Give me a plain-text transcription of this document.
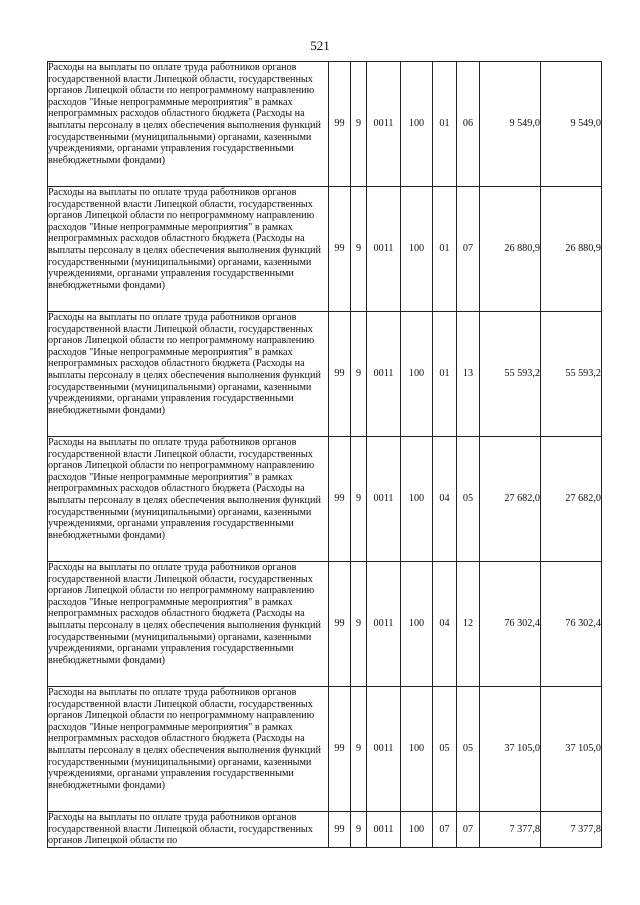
521
Расходы на выплаты по оплате труда работников органов государственной власти Липецкой области, государственных органов Липецкой области по непрограммному направлению расходов "Иные непрограммные мероприятия" в рамках непрограммных расходов областного бюджета (Расходы на выплаты персоналу в целях обеспечения выполнения функций государственными (муниципальными) органами, казенными учреждениями, органами управления государственными внебюджетными фондами)	99	9	0011	100	01	06	9 549,0	9 549,0
Расходы на выплаты по оплате труда работников органов государственной власти Липецкой области, государственных органов Липецкой области по непрограммному направлению расходов "Иные непрограммные мероприятия" в рамках непрограммных расходов областного бюджета (Расходы на выплаты персоналу в целях обеспечения выполнения функций государственными (муниципальными) органами, казенными учреждениями, органами управления государственными внебюджетными фондами)	99	9	0011	100	01	07	26 880,9	26 880,9
Расходы на выплаты по оплате труда работников органов государственной власти Липецкой области, государственных органов Липецкой области по непрограммному направлению расходов "Иные непрограммные мероприятия" в рамках непрограммных расходов областного бюджета (Расходы на выплаты персоналу в целях обеспечения выполнения функций государственными (муниципальными) органами, казенными учреждениями, органами управления государственными внебюджетными фондами)	99	9	0011	100	01	13	55 593,2	55 593,2
Расходы на выплаты по оплате труда работников органов государственной власти Липецкой области, государственных органов Липецкой области по непрограммному направлению расходов "Иные непрограммные мероприятия" в рамках непрограммных расходов областного бюджета (Расходы на выплаты персоналу в целях обеспечения выполнения функций государственными (муниципальными) органами, казенными учреждениями, органами управления государственными внебюджетными фондами)	99	9	0011	100	04	05	27 682,0	27 682,0
Расходы на выплаты по оплате труда работников органов государственной власти Липецкой области, государственных органов Липецкой области по непрограммному направлению расходов "Иные непрограммные мероприятия" в рамках непрограммных расходов областного бюджета (Расходы на выплаты персоналу в целях обеспечения выполнения функций государственными (муниципальными) органами, казенными учреждениями, органами управления государственными внебюджетными фондами)	99	9	0011	100	04	12	76 302,4	76 302,4
Расходы на выплаты по оплате труда работников органов государственной власти Липецкой области, государственных органов Липецкой области по непрограммному направлению расходов "Иные непрограммные мероприятия" в рамках непрограммных расходов областного бюджета (Расходы на выплаты персоналу в целях обеспечения выполнения функций государственными (муниципальными) органами, казенными учреждениями, органами управления государственными внебюджетными фондами)	99	9	0011	100	05	05	37 105,0	37 105,0

Расходы на выплаты по оплате труда работников органов государственной власти Липецкой области, государственных органов Липецкой области по	99	9	0011	100	07	07	7 377,8	7 377,8
